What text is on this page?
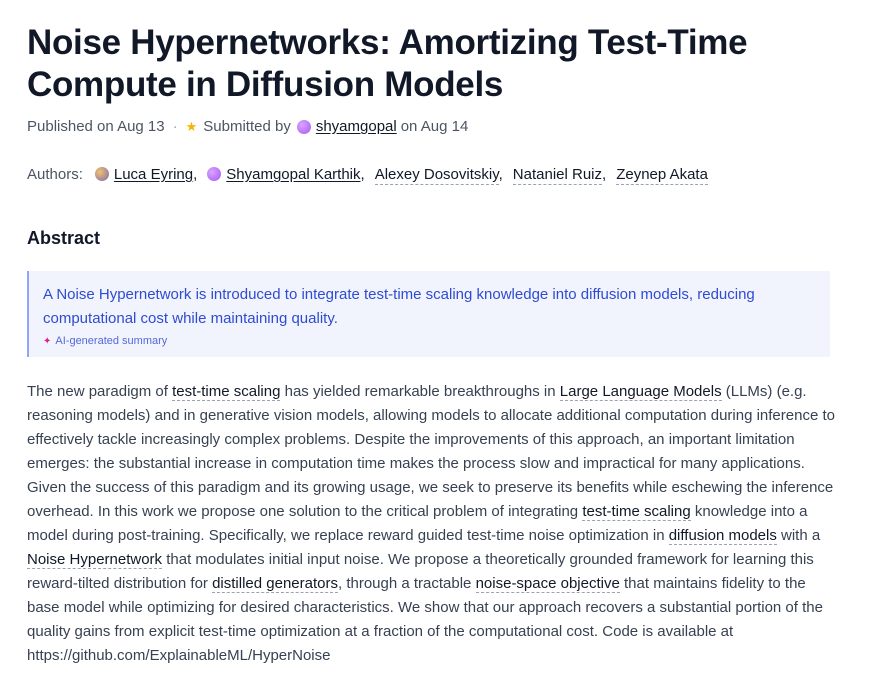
Noise Hypernetworks: Amortizing Test-Time Compute in Diffusion Models
Published on Aug 13 · ★ Submitted by shyamgopal on Aug 14
Authors:	Luca Eyring,	Shyamgopal Karthik, Alexey Dosovitskiy, Nataniel Ruiz, Zeynep Akata
Abstract
A Noise Hypernetwork is introduced to integrate test-time scaling knowledge into diffusion models, reducing computational cost while maintaining quality.
✦ AI-generated summary
The new paradigm of test-time scaling has yielded remarkable breakthroughs in Large Language Models (LLMs) (e.g. reasoning models) and in generative vision models, allowing models to allocate additional computation during inference to effectively tackle increasingly complex problems. Despite the improvements of this approach, an important limitation emerges: the substantial increase in computation time makes the process slow and impractical for many applications. Given the success of this paradigm and its growing usage, we seek to preserve its benefits while eschewing the inference overhead. In this work we propose one solution to the critical problem of integrating test-time scaling knowledge into a model during post-training. Specifically, we replace reward guided test-time noise optimization in diffusion models with a Noise Hypernetwork that modulates initial input noise. We propose a theoretically grounded framework for learning this reward-tilted distribution for distilled generators, through a tractable noise-space objective that maintains fidelity to the base model while optimizing for desired characteristics. We show that our approach recovers a substantial portion of the quality gains from explicit test-time optimization at a fraction of the computational cost. Code is available at https://github.com/ExplainableML/HyperNoise
